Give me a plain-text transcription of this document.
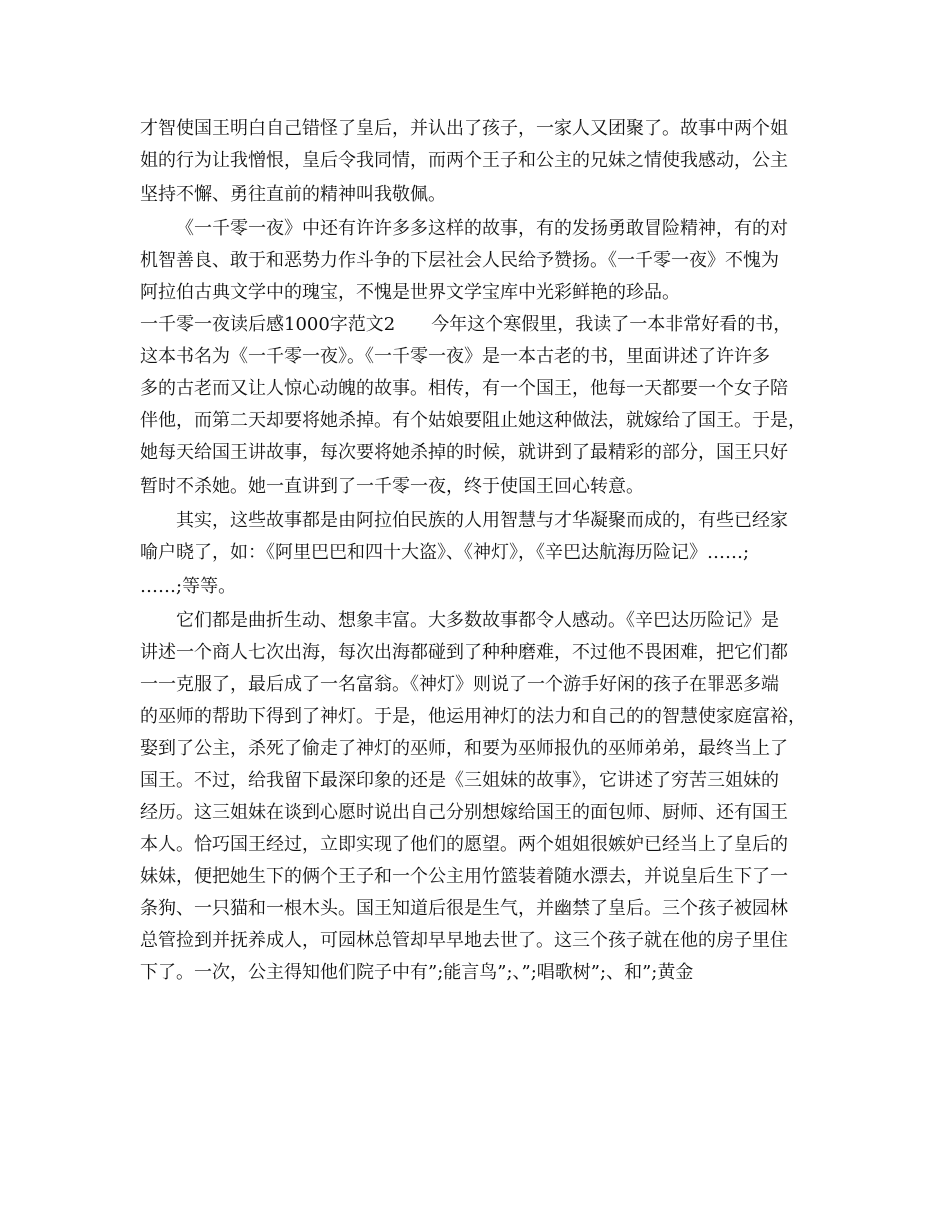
才智使国王明白自己错怪了皇后，并认出了孩子，一家人又团聚了。故事中两个姐
姐的行为让我憎恨，皇后令我同情，而两个王子和公主的兄妹之情使我感动，公主
坚持不懈、勇往直前的精神叫我敬佩。
《一千零一夜》中还有许许多多这样的故事，有的发扬勇敢冒险精神，有的对
机智善良、敢于和恶势力作斗争的下层社会人民给予赞扬。《一千零一夜》不愧为
阿拉伯古典文学中的瑰宝，不愧是世界文学宝库中光彩鲜艳的珍品。
一千零一夜读后感1000字范文2　　今年这个寒假里，我读了一本非常好看的书，
这本书名为《一千零一夜》。《一千零一夜》是一本古老的书，里面讲述了许许多
多的古老而又让人惊心动魄的故事。相传，有一个国王，他每一天都要一个女子陪
伴他，而第二天却要将她杀掉。有个姑娘要阻止她这种做法，就嫁给了国王。于是，
她每天给国王讲故事，每次要将她杀掉的时候，就讲到了最精彩的部分，国王只好
暂时不杀她。她一直讲到了一千零一夜，终于使国王回心转意。
其实，这些故事都是由阿拉伯民族的人用智慧与才华凝聚而成的，有些已经家
喻户晓了，如：《阿里巴巴和四十大盗》、《神灯》，《辛巴达航海历险记》……;
……;等等。
它们都是曲折生动、想象丰富。大多数故事都令人感动。《辛巴达历险记》是
讲述一个商人七次出海，每次出海都碰到了种种磨难，不过他不畏困难，把它们都
一一克服了，最后成了一名富翁。《神灯》则说了一个游手好闲的孩子在罪恶多端
的巫师的帮助下得到了神灯。于是，他运用神灯的法力和自己的的智慧使家庭富裕，
娶到了公主，杀死了偷走了神灯的巫师，和要为巫师报仇的巫师弟弟，最终当上了
国王。不过，给我留下最深印象的还是《三姐妹的故事》，它讲述了穷苦三姐妹的
经历。这三姐妹在谈到心愿时说出自己分别想嫁给国王的面包师、厨师、还有国王
本人。恰巧国王经过，立即实现了他们的愿望。两个姐姐很嫉妒已经当上了皇后的
妹妹，便把她生下的俩个王子和一个公主用竹篮装着随水漂去，并说皇后生下了一
条狗、一只猫和一根木头。国王知道后很是生气，并幽禁了皇后。三个孩子被园林
总管捡到并抚养成人，可园林总管却早早地去世了。这三个孩子就在他的房子里住
下了。一次，公主得知他们院子中有”;能言鸟”;、”;唱歌树”;、和”;黄金
